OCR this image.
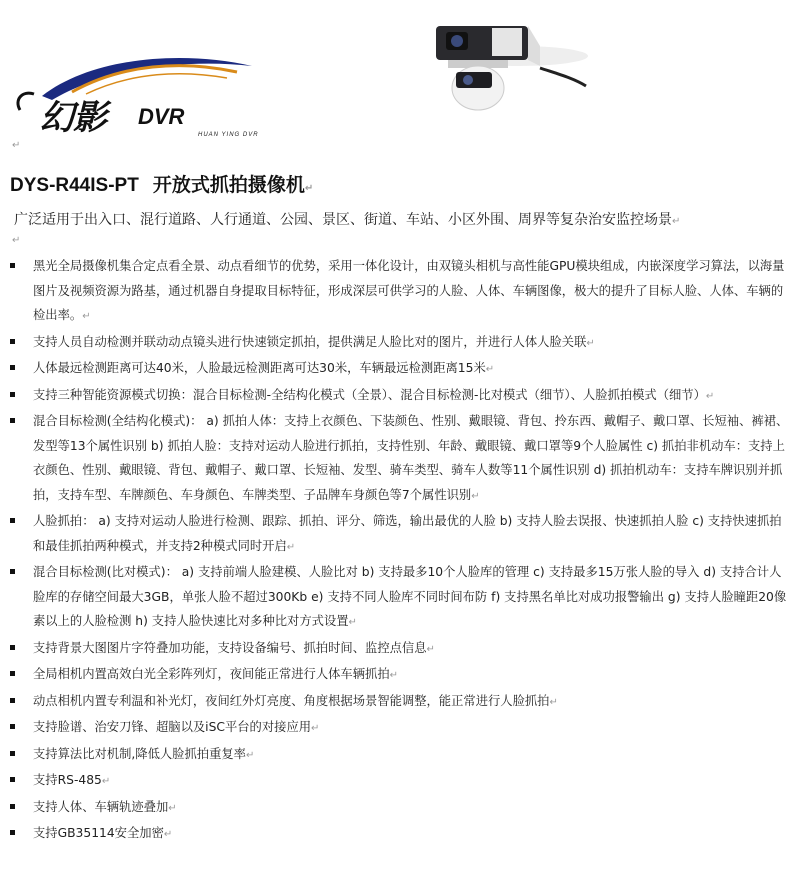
幻影 DVR
HUAN YING DVR
↵
DYS-R44IS-PT 开放式抓拍摄像机↵
广泛适用于出入口、混行道路、人行通道、公园、景区、街道、车站、小区外围、周界等复杂治安监控场景↵
↵
黑光全局摄像机集合定点看全景、动点看细节的优势，采用一体化设计，由双镜头相机与高性能GPU模块组成，内嵌深度学习算法，以海量图片及视频资源为路基，通过机器自身提取目标特征，形成深层可供学习的人脸、人体、车辆图像，极大的提升了目标人脸、人体、车辆的检出率。↵
支持人员自动检测并联动动点镜头进行快速锁定抓拍，提供满足人脸比对的图片，并进行人体人脸关联↵
人体最远检测距离可达40米，人脸最远检测距离可达30米，车辆最远检测距离15米↵
支持三种智能资源模式切换：混合目标检测-全结构化模式（全景）、混合目标检测-比对模式（细节）、人脸抓拍模式（细节）↵
混合目标检测(全结构化模式)： a) 抓拍人体：支持上衣颜色、下装颜色、性别、戴眼镜、背包、拎东西、戴帽子、戴口罩、长短袖、裤裙、发型等13个属性识别 b) 抓拍人脸：支持对运动人脸进行抓拍，支持性别、年龄、戴眼镜、戴口罩等9个人脸属性 c) 抓拍非机动车：支持上衣颜色、性别、戴眼镜、背包、戴帽子、戴口罩、长短袖、发型、骑车类型、骑车人数等11个属性识别 d) 抓拍机动车：支持车牌识别并抓拍，支持车型、车牌颜色、车身颜色、车牌类型、子品牌车身颜色等7个属性识别↵
人脸抓拍： a) 支持对运动人脸进行检测、跟踪、抓拍、评分、筛选，输出最优的人脸 b) 支持人脸去误报、快速抓拍人脸 c) 支持快速抓拍和最佳抓拍两种模式，并支持2种模式同时开启↵
混合目标检测(比对模式)： a) 支持前端人脸建模、人脸比对 b) 支持最多10个人脸库的管理 c) 支持最多15万张人脸的导入 d) 支持合计人脸库的存储空间最大3GB，单张人脸不超过300Kb e) 支持不同人脸库不同时间布防 f) 支持黑名单比对成功报警输出 g) 支持人脸瞳距20像素以上的人脸检测 h) 支持人脸快速比对多种比对方式设置↵
支持背景大图图片字符叠加功能，支持设备编号、抓拍时间、监控点信息↵
全局相机内置高效白光全彩阵列灯，夜间能正常进行人体车辆抓拍↵
动点相机内置专利温和补光灯，夜间红外灯亮度、角度根据场景智能调整，能正常进行人脸抓拍↵
支持脸谱、治安刀锋、超脑以及iSC平台的对接应用↵
支持算法比对机制,降低人脸抓拍重复率↵
支持RS-485↵
支持人体、车辆轨迹叠加↵
支持GB35114安全加密↵
